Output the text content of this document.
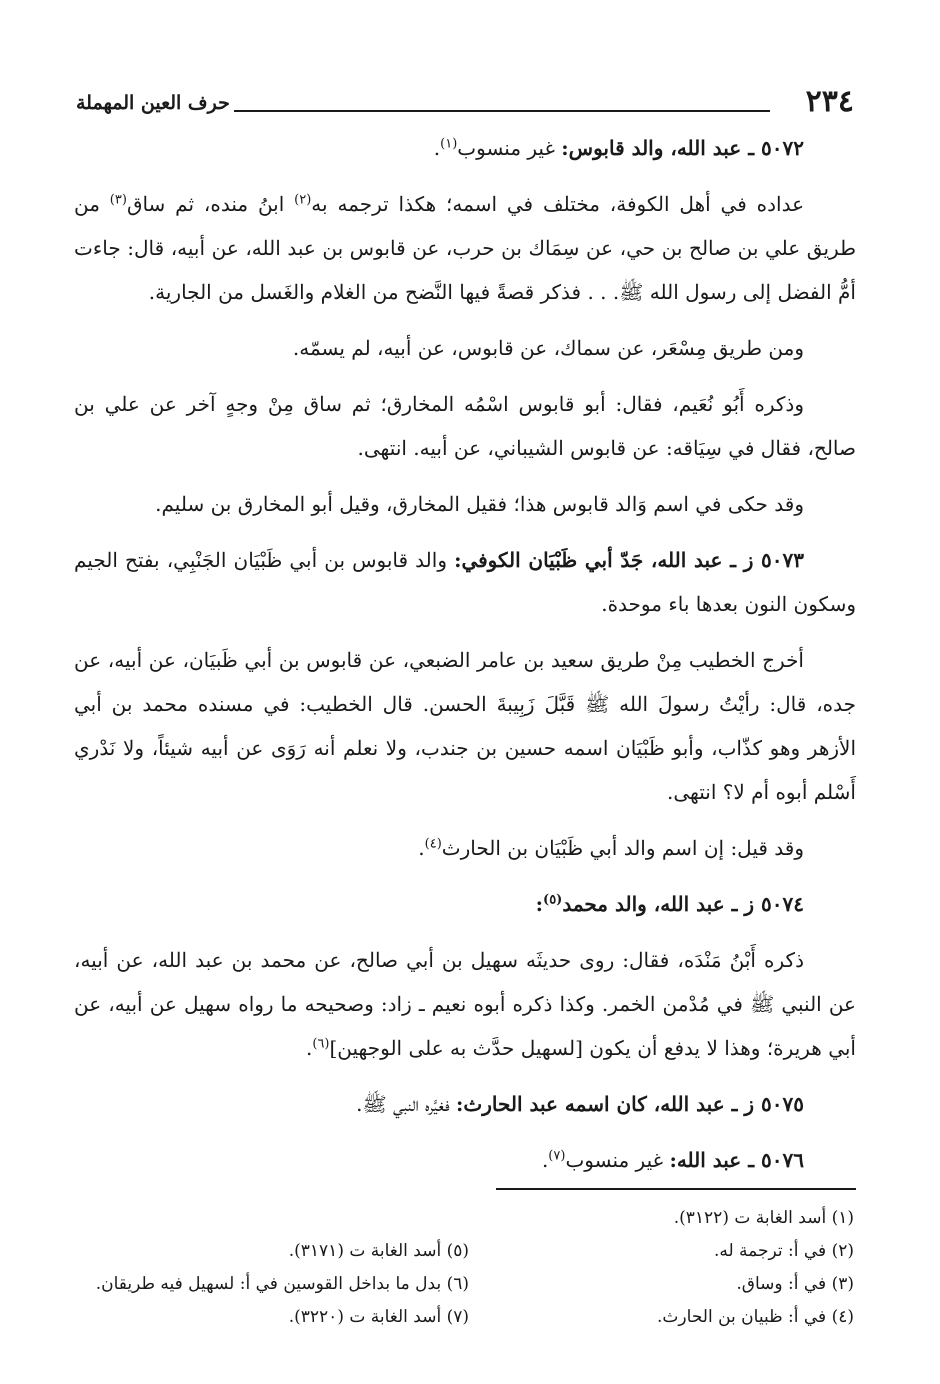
٢٣٤
حرف العين المهملة

٥٠٧٢ ـ عبد الله، والد قابوس: غير منسوب$^{(١)}$.

عداده في أهل الكوفة، مختلف في اسمه؛ هكذا ترجمه به$^{(٢)}$ ابنُ منده، ثم ساق$^{(٣)}$ من طريق علي بن صالح بن حي، عن سِمَاك بن حرب، عن قابوس بن عبد الله، عن أبيه، قال: جاءت أمُّ الفضل إلى رسول الله ﷺ. . . فذكر قصةً فيها النَّضح من الغلام والغَسل من الجارية.

ومن طريق مِسْعَر، عن سماك، عن قابوس، عن أبيه، لم يسمّه.

وذكره أَبُو نُعَيم، فقال: أبو قابوس اسْمُه المخارق؛ ثم ساق مِنْ وجهٍ آخر عن علي بن صالح، فقال في سِيَاقه: عن قابوس الشيباني، عن أبيه. انتهى.

وقد حكى في اسم وَالد قابوس هذا؛ فقيل المخارق، وقيل أبو المخارق بن سليم.

٥٠٧٣ ز ـ عبد الله، جَدّ أبي ظَبْيَان الكوفي: والد قابوس بن أبي ظَبْيَان الجَنْبِي، بفتح الجيم وسكون النون بعدها باء موحدة.

أخرج الخطيب مِنْ طريق سعيد بن عامر الضبعي، عن قابوس بن أبي ظَبيَان، عن أبيه، عن جده، قال: رأيْتُ رسولَ الله ﷺ قَبَّلَ زَبِيبةَ الحسن. قال الخطيب: في مسنده محمد بن أبي الأزهر وهو كذّاب، وأبو ظَبْيَان اسمه حسين بن جندب، ولا نعلم أنه رَوَى عن أبيه شيئاً، ولا نَدْري أَسْلم أبوه أم لا؟ انتهى.

وقد قيل: إن اسم والد أبي ظَبْيَان بن الحارث$^{(٤)}$.

٥٠٧٤ ز ـ عبد الله، والد محمد$^{(٥)}$:

ذكره أَبْنُ مَنْدَه، فقال: روى حديثَه سهيل بن أبي صالح، عن محمد بن عبد الله، عن أبيه، عن النبي ﷺ في مُدْمن الخمر. وكذا ذكره أبوه نعيم ـ زاد: وصحيحه ما رواه سهيل عن أبيه، عن أبي هريرة؛ وهذا لا يدفع أن يكون [لسهيل حدَّث به على الوجهين]$^{(٦)}$.

٥٠٧٥ ز ـ عبد الله، كان اسمه عبد الحارث: فغيَّره النبي ﷺ.

٥٠٧٦ ـ عبد الله: غير منسوب$^{(٧)}$.

(١) أسد الغابة ت (٣١٢٢).
(٢) في أ: ترجمة له.
(٥) أسد الغابة ت (٣١٧١).
(٣) في أ: وساق.
(٦) بدل ما بداخل القوسين في أ: لسهيل فيه طريقان.
(٤) في أ: ظبيان بن الحارث.
(٧) أسد الغابة ت (٣٢٢٠).
